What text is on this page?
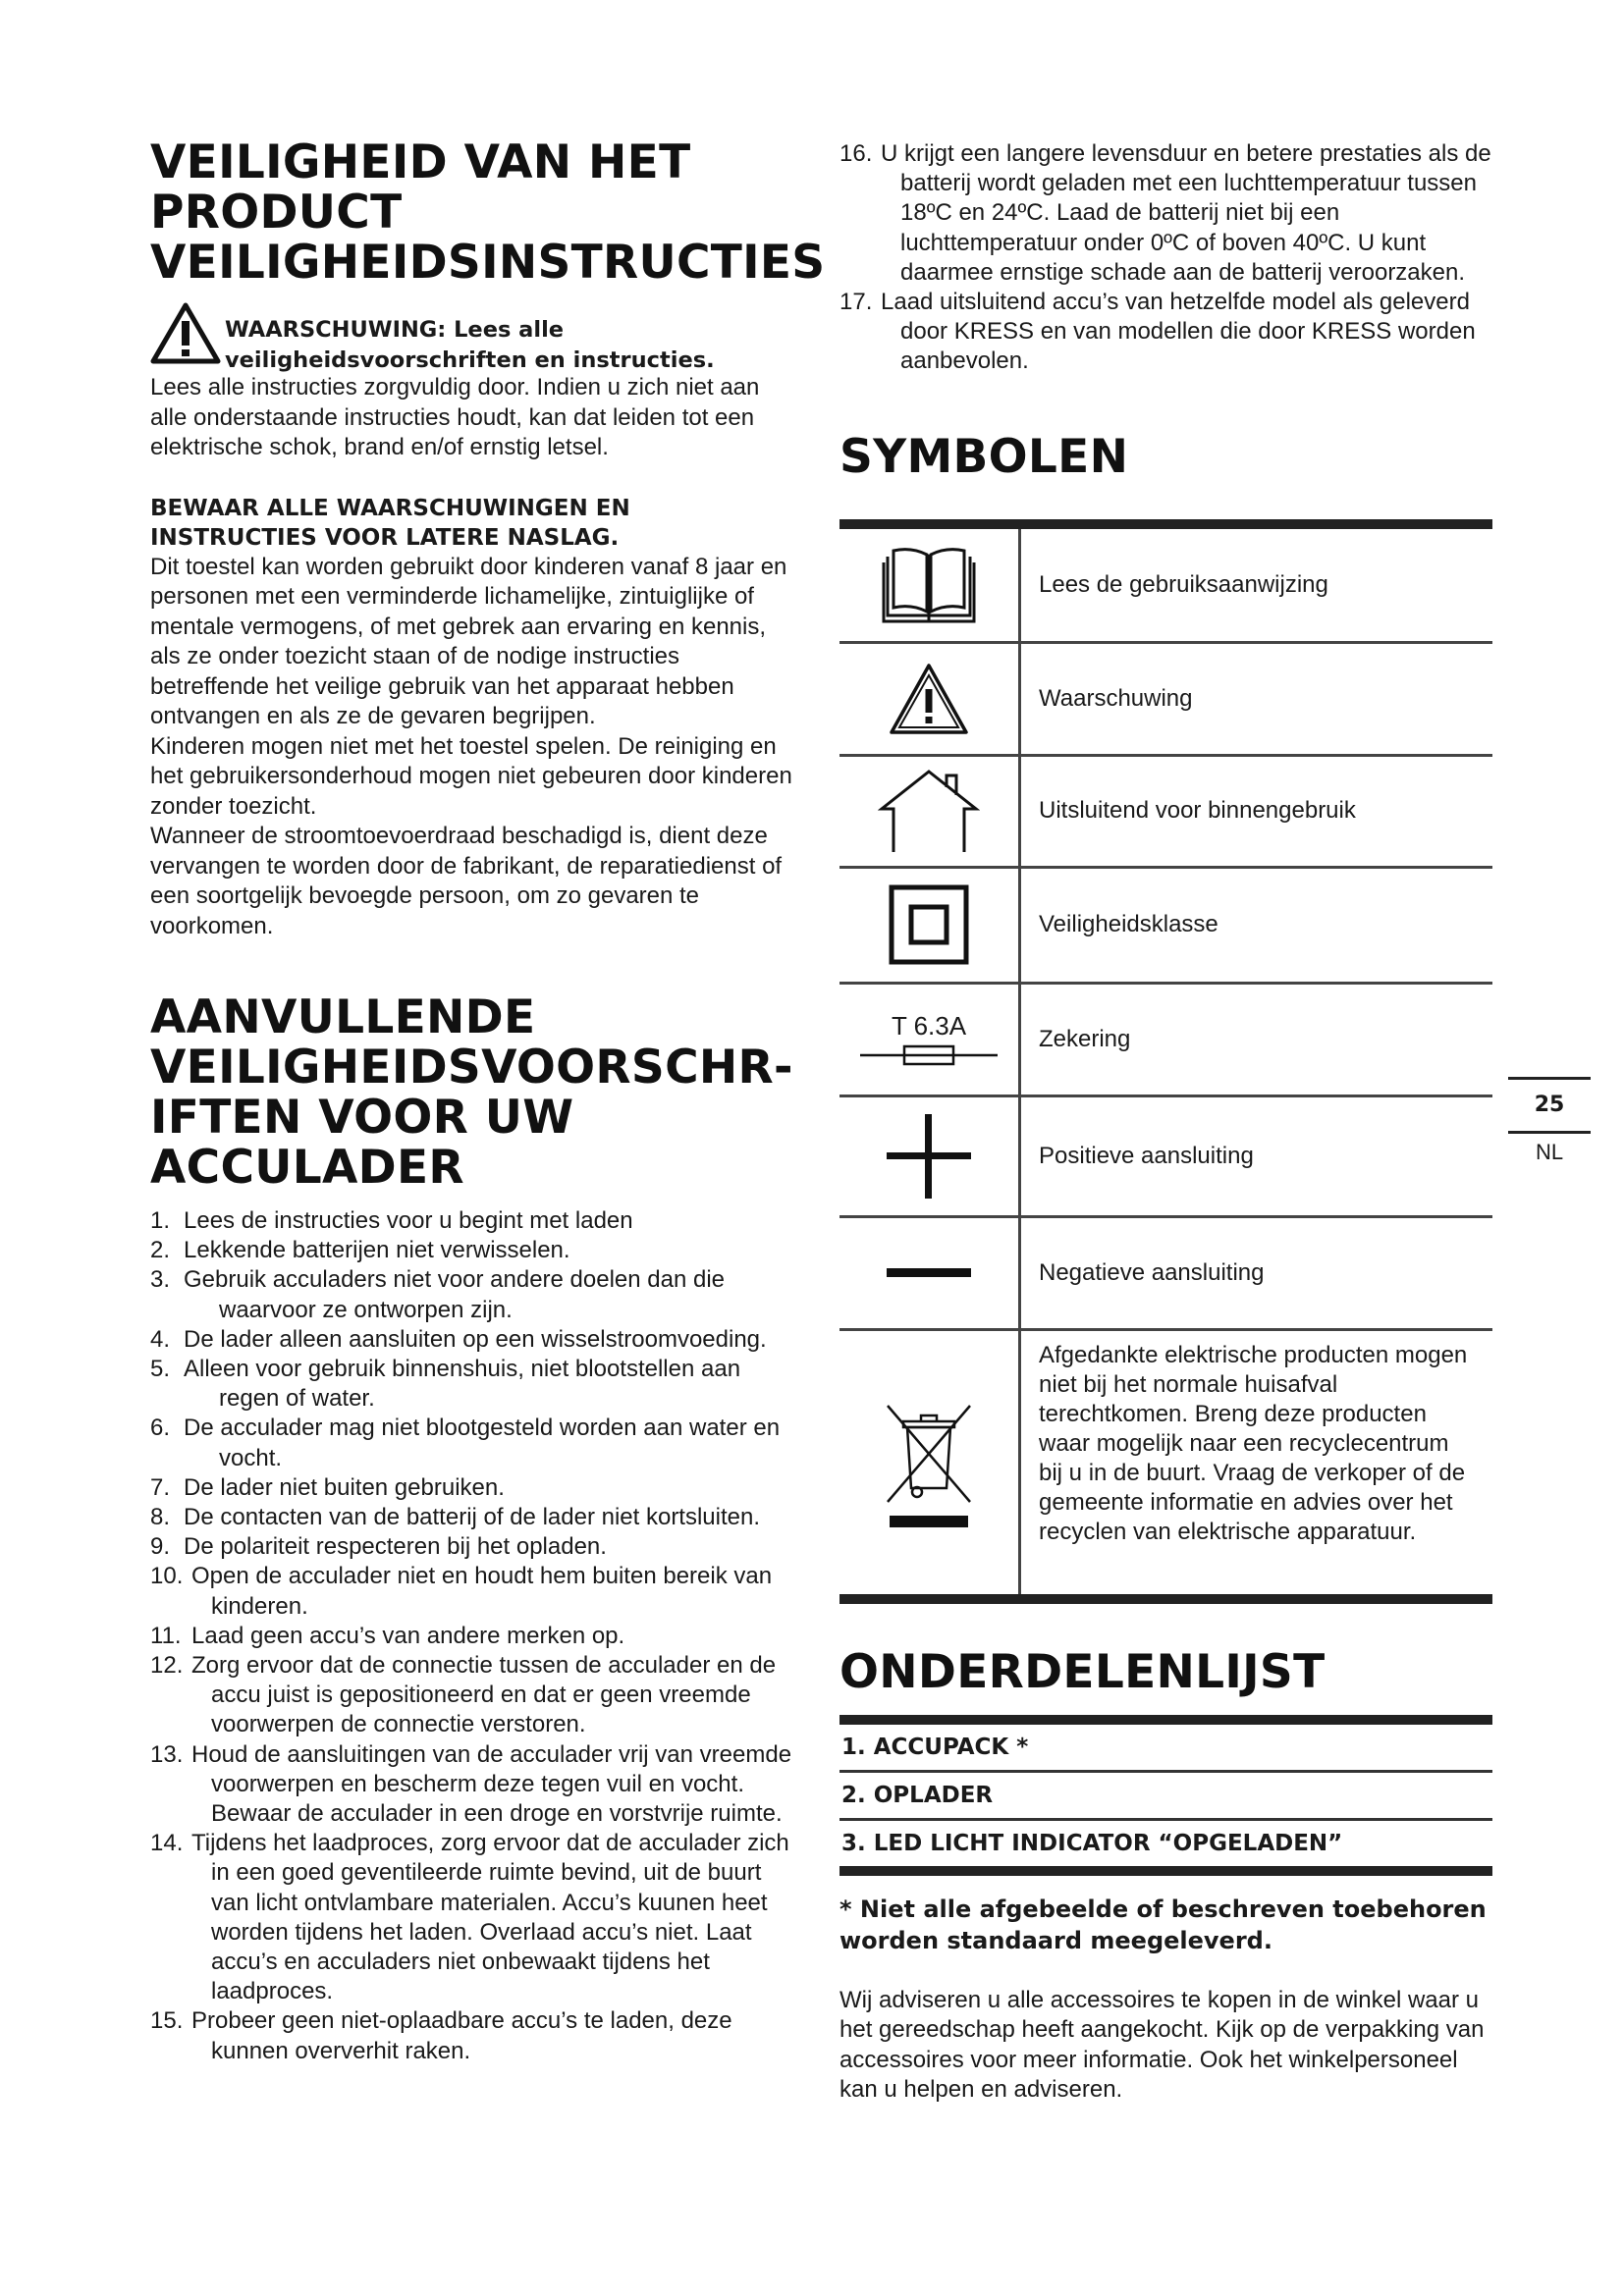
VEILIGHEID VAN HET PRODUCT VEILIGHEIDSINSTRUCTIES
WAARSCHUWING: Lees alle
veiligheidsvoorschriften en instructies.

Lees alle instructies zorgvuldig door. Indien u zich niet aan alle onderstaande instructies houdt, kan dat leiden tot een elektrische schok, brand en/of ernstig letsel.

BEWAAR ALLE WAARSCHUWINGEN EN INSTRUCTIES VOOR LATERE NASLAG.

Dit toestel kan worden gebruikt door kinderen vanaf 8 jaar en personen met een verminderde lichamelijke, zintuiglijke of mentale vermogens, of met gebrek aan ervaring en kennis, als ze onder toezicht staan of de nodige instructies betreffende het veilige gebruik van het apparaat hebben ontvangen en als ze de gevaren begrijpen.

Kinderen mogen niet met het toestel spelen. De reiniging en het gebruikersonderhoud mogen niet gebeuren door kinderen zonder toezicht.

Wanneer de stroomtoevoerdraad beschadigd is, dient deze vervangen te worden door de fabrikant, de reparatiedienst of een soortgelijk bevoegde persoon, om zo gevaren te voorkomen.

AANVULLENDE VEILIGHEIDSVOORSCHR-IFTEN VOOR UW ACCULADER
1. Lees de instructies voor u begint met laden
2. Lekkende batterijen niet verwisselen.
3. Gebruik acculaders niet voor andere doelen dan die waarvoor ze ontworpen zijn.
4. De lader alleen aansluiten op een wisselstroomvoeding.
5. Alleen voor gebruik binnenshuis, niet blootstellen aan regen of water.
6. De acculader mag niet blootgesteld worden aan water en vocht.
7. De lader niet buiten gebruiken.
8. De contacten van de batterij of de lader niet kortsluiten.
9. De polariteit respecteren bij het opladen.
10. Open de acculader niet en houdt hem buiten bereik van kinderen.
11. Laad geen accu’s van andere merken op.
12. Zorg ervoor dat de connectie tussen de acculader en de accu juist is gepositioneerd en dat er geen vreemde voorwerpen de connectie verstoren.
13. Houd de aansluitingen van de acculader vrij van vreemde voorwerpen en bescherm deze tegen vuil en vocht. Bewaar de acculader in een droge en vorstvrije ruimte.
14. Tijdens het laadproces, zorg ervoor dat de acculader zich in een goed geventileerde ruimte bevind, uit de buurt van licht ontvlambare materialen. Accu’s kuunen heet worden tijdens het laden. Overlaad accu’s niet. Laat accu’s en acculaders niet onbewaakt tijdens het laadproces.
15. Probeer geen niet-oplaadbare accu’s te laden, deze kunnen oververhit raken.
16. U krijgt een langere levensduur en betere prestaties als de batterij wordt geladen met een luchttemperatuur tussen 18ºC en 24ºC. Laad de batterij niet bij een luchttemperatuur onder 0ºC of boven 40ºC. U kunt daarmee ernstige schade aan de batterij veroorzaken.
17. Laad uitsluitend accu’s van hetzelfde model als geleverd door KRESS en van modellen die door KRESS worden aanbevolen.
SYMBOLEN
Lees de gebruiksaanwijzing
Waarschuwing
Uitsluitend voor binnengebruik
Veiligheidsklasse
T 6.3A	Zekering
Positieve aansluiting
Negatieve aansluiting
Afgedankte elektrische producten mogen niet bij het normale huisafval terechtkomen. Breng deze producten waar mogelijk naar een recyclecentrum bij u in de buurt. Vraag de verkoper of de gemeente informatie en advies over het recyclen van elektrische apparatuur.
ONDERDELENLIJST
1. ACCUPACK *
2. OPLADER
3. LED LICHT INDICATOR “OPGELADEN”

* Niet alle afgebeelde of beschreven toebehoren worden standaard meegeleverd.

Wij adviseren u alle accessoires te kopen in de winkel waar u het gereedschap heeft aangekocht. Kijk op de verpakking van accessoires voor meer informatie. Ook het winkelpersoneel kan u helpen en adviseren.

25
NL
